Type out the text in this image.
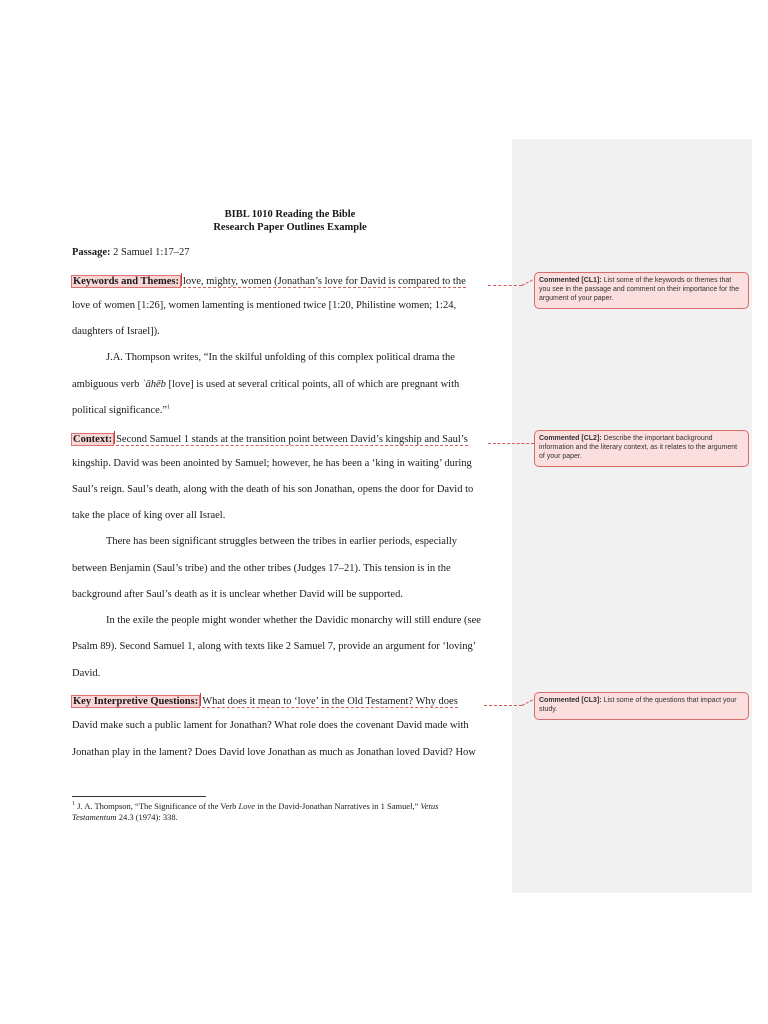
BIBL 1010 Reading the Bible
Research Paper Outlines Example
Passage: 2 Samuel 1:17–27
Keywords and Themes: love, mighty, women (Jonathan’s love for David is compared to the
love of women [1:26], women lamenting is mentioned twice [1:20, Philistine women; 1:24,
daughters of Israel]).
J.A. Thompson writes, “In the skilful unfolding of this complex political drama the
ambiguous verb ʾāhēb [love] is used at several critical points, all of which are pregnant with
political significance.”$^1$
Context: Second Samuel 1 stands at the transition point between David’s kingship and Saul’s
kingship. David was been anointed by Samuel; however, he has been a ‘king in waiting’ during
Saul’s reign. Saul’s death, along with the death of his son Jonathan, opens the door for David to
take the place of king over all Israel.
There has been significant struggles between the tribes in earlier periods, especially
between Benjamin (Saul’s tribe) and the other tribes (Judges 17–21). This tension is in the
background after Saul’s death as it is unclear whether David will be supported.
In the exile the people might wonder whether the Davidic monarchy will still endure (see
Psalm 89). Second Samuel 1, along with texts like 2 Samuel 7, provide an argument for ‘loving’
David.
Key Interpretive Questions: What does it mean to ‘love’ in the Old Testament? Why does
David make such a public lament for Jonathan? What role does the covenant David made with
Jonathan play in the lament? Does David love Jonathan as much as Jonathan loved David? How
$^1$ J. A. Thompson, “The Significance of the Verb Love in the David-Jonathan Narratives in 1 Samuel,” Vetus
Testamentum 24.3 (1974): 338.
Commented [CL1]: List some of the keywords or themes that you see in the passage and comment on their importance for the argument of your paper.
Commented [CL2]: Describe the important background information and the literary context, as it relates to the argument of your paper.
Commented [CL3]: List some of the questions that impact your study.
